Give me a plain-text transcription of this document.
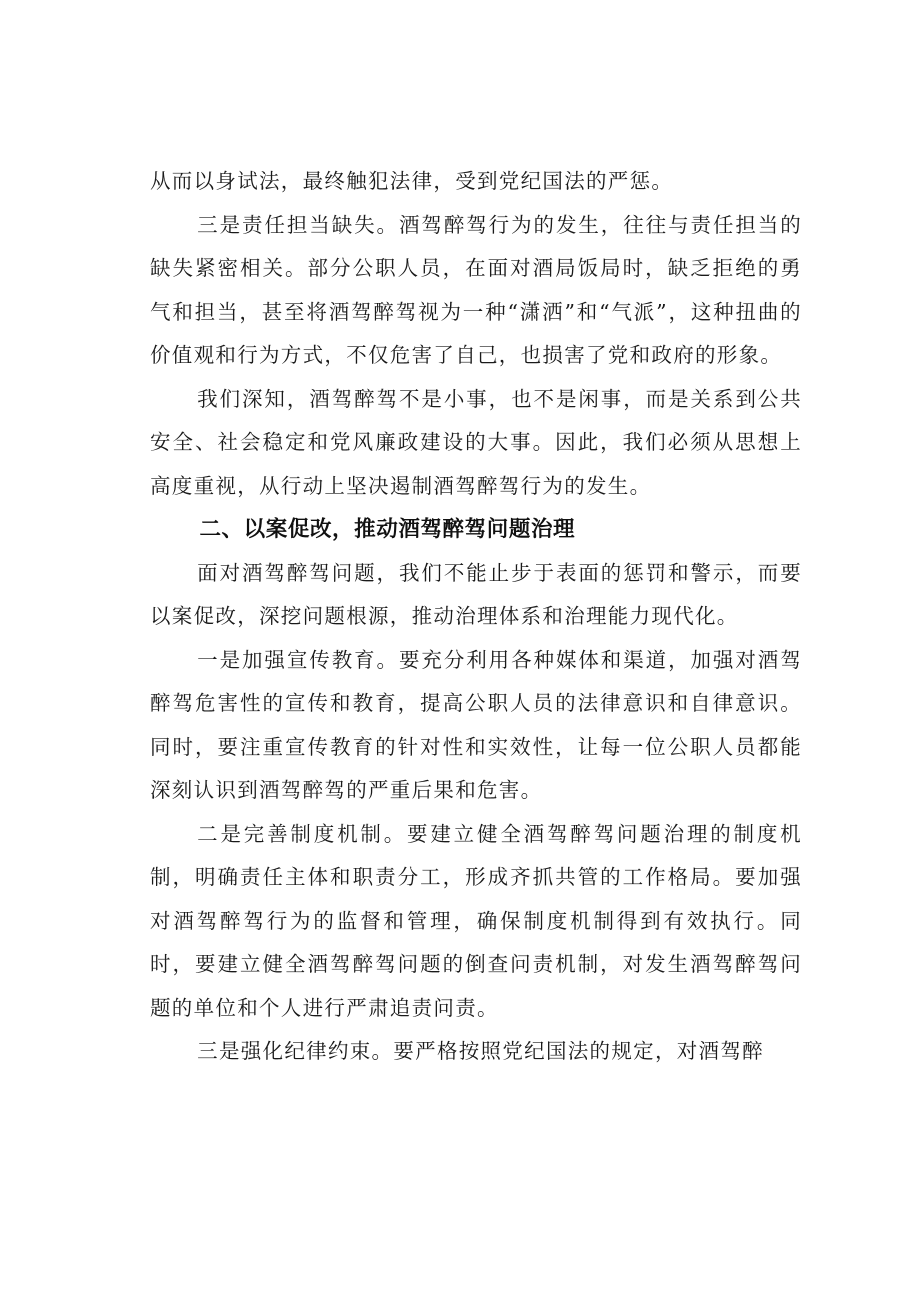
从而以身试法，最终触犯法律，受到党纪国法的严惩。

三是责任担当缺失。酒驾醉驾行为的发生，往往与责任担当的缺失紧密相关。部分公职人员，在面对酒局饭局时，缺乏拒绝的勇气和担当，甚至将酒驾醉驾视为一种“潇洒”和“气派”，这种扭曲的价值观和行为方式，不仅危害了自己，也损害了党和政府的形象。

我们深知，酒驾醉驾不是小事，也不是闲事，而是关系到公共安全、社会稳定和党风廉政建设的大事。因此，我们必须从思想上高度重视，从行动上坚决遏制酒驾醉驾行为的发生。

二、以案促改，推动酒驾醉驾问题治理

面对酒驾醉驾问题，我们不能止步于表面的惩罚和警示，而要以案促改，深挖问题根源，推动治理体系和治理能力现代化。

一是加强宣传教育。要充分利用各种媒体和渠道，加强对酒驾醉驾危害性的宣传和教育，提高公职人员的法律意识和自律意识。同时，要注重宣传教育的针对性和实效性，让每一位公职人员都能深刻认识到酒驾醉驾的严重后果和危害。

二是完善制度机制。要建立健全酒驾醉驾问题治理的制度机制，明确责任主体和职责分工，形成齐抓共管的工作格局。要加强对酒驾醉驾行为的监督和管理，确保制度机制得到有效执行。同时，要建立健全酒驾醉驾问题的倒查问责机制，对发生酒驾醉驾问题的单位和个人进行严肃追责问责。

三是强化纪律约束。要严格按照党纪国法的规定，对酒驾醉
